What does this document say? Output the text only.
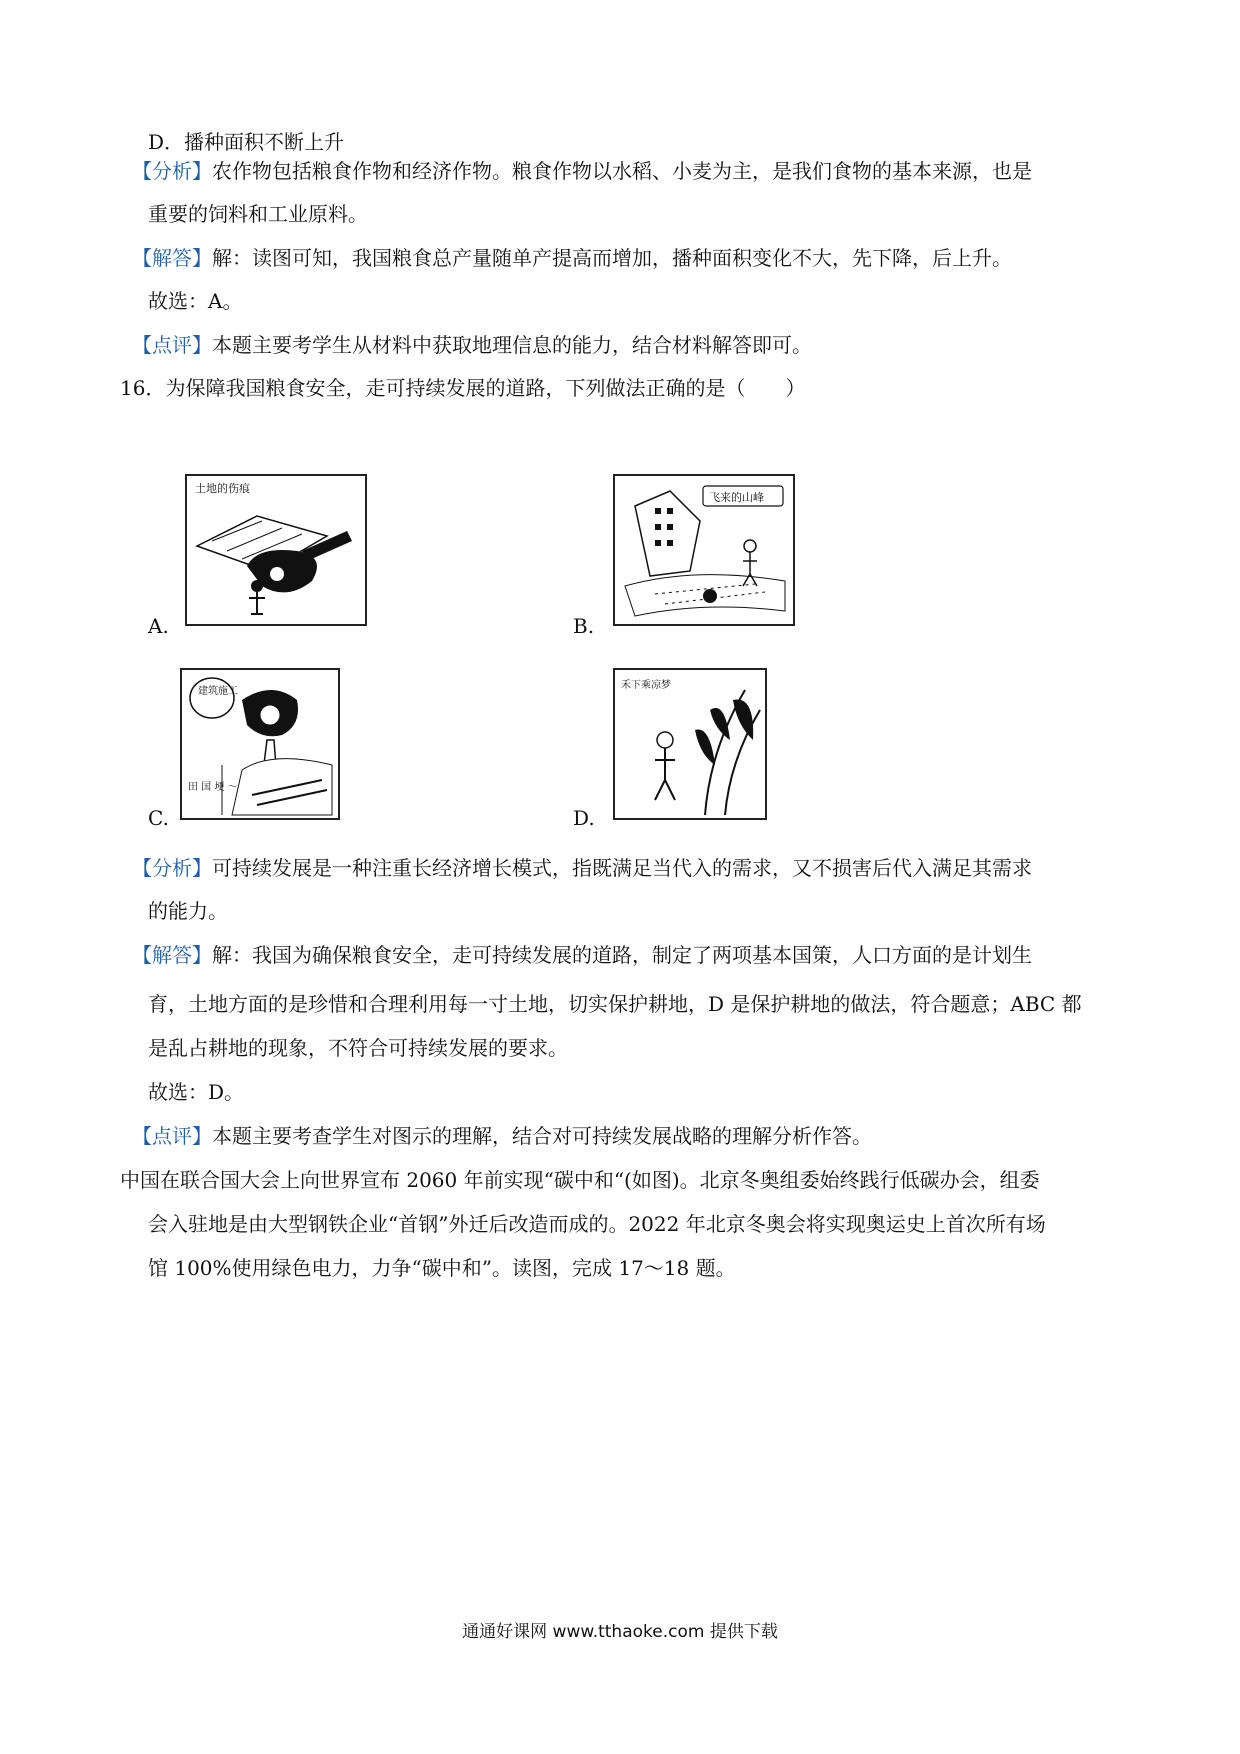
D．播种面积不断上升
【分析】农作物包括粮食作物和经济作物。粮食作物以水稻、小麦为主，是我们食物的基本来源，也是
重要的饲料和工业原料。
【解答】解：读图可知，我国粮食总产量随单产提高而增加，播种面积变化不大，先下降，后上升。
故选：A。
【点评】本题主要考学生从材料中获取地理信息的能力，结合材料解答即可。
16．为保障我国粮食安全，走可持续发展的道路，下列做法正确的是（　　）
土地的伤痕
A.
飞来的山峰
B.
建筑施工
田 国 埂 ～
C.
禾下乘凉梦
D.
【分析】可持续发展是一种注重长经济增长模式，指既满足当代入的需求，又不损害后代入满足其需求
的能力。
【解答】解：我国为确保粮食安全，走可持续发展的道路，制定了两项基本国策，人口方面的是计划生
育，土地方面的是珍惜和合理利用每一寸土地，切实保护耕地，D 是保护耕地的做法，符合题意；ABC 都
是乱占耕地的现象，不符合可持续发展的要求。
故选：D。
【点评】本题主要考查学生对图示的理解，结合对可持续发展战略的理解分析作答。
中国在联合国大会上向世界宣布 2060 年前实现“碳中和“(如图)。北京冬奥组委始终践行低碳办会，组委
会入驻地是由大型钢铁企业“首钢”外迁后改造而成的。2022 年北京冬奥会将实现奥运史上首次所有场
馆 100%使用绿色电力，力争“碳中和”。读图，完成 17～18 题。
通通好课网 www.tthaoke.com 提供下载
